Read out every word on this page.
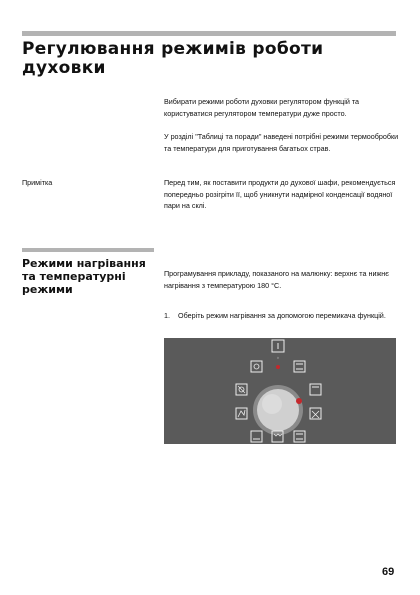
Регулювання режимів роботи духовки

Вибирати режими роботи духовки регулятором функцій та користуватися регулятором температури дуже просто.

У розділі "Таблиці та поради" наведені потрібні режими термообробки та температури для приготування багатьох страв.

Примітка	Перед тим, як поставити продукти до духової шафи, рекомендується попередньо розігріти її, щоб уникнути надмірної конденсації водяної пари на склі.

Режими нагрівання та температурні режими

Програмування прикладу, показаного на малюнку: верхнє та нижнє нагрівання з температурою 180 °C.

1.	Оберіть режим нагрівання за допомогою перемикача функцій.
◦
69
